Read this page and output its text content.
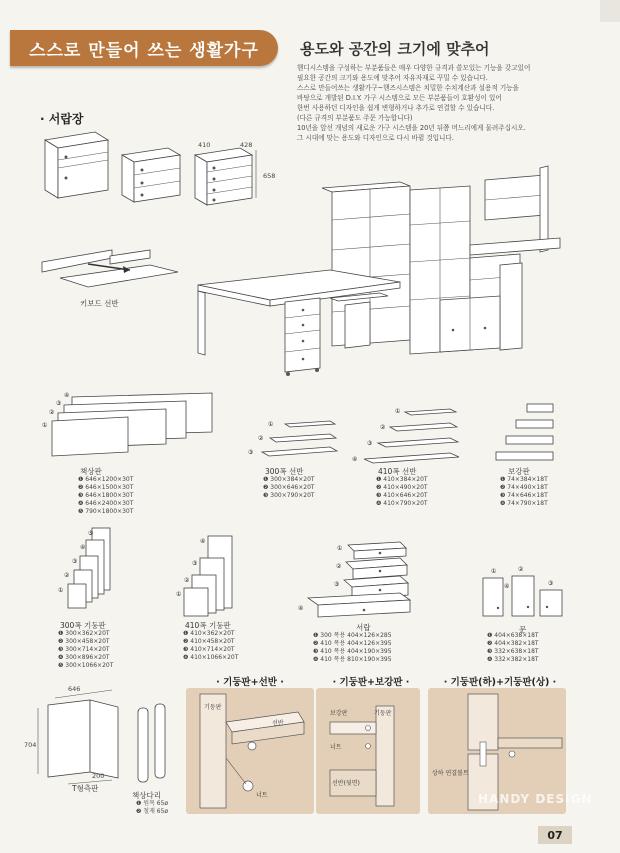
스스로 만들어 쓰는 생활가구	용도와 공간의 크기에 맞추어
핸디시스템을 구성하는 부분품들은 매우 다양한 규격과 쓸모있는 기능을 갖고있어
필요한 공간의 크기와 용도에 맞추어 자유자재로 꾸밀 수 있습니다.
스스로 만들어쓰는 생활가구~핸즈시스템은 치밀한 수치계산과 설용적 기능을
바탕으로 개발된 D.I.Y. 가구 시스템으로 모든 부분품들이 호환성이 있어
한번 사용하던 디자인을 쉽게 변형하거나 추가로 연결할 수 있습니다.
(다른 규격의 부분품도 주문 가능합니다)
10년을 앞선 개념의 새로운 가구 시스템을 20년 뒤쯤 머느리에게 물려주십시오.
그 시대에 맞는 용도와 디자인으로 다시 바뀔 것입니다.
· 서랍장
410	428
658
키보드 선반
④
③
②
①
책상판
❶ 646×1200×30T
❷ 646×1500×30T
❸ 646×1800×30T
❹ 646×2400×30T
❺ 790×1800×30T
①
②
③
300폭 선반
❶ 300×384×20T
❷ 300×646×20T
❸ 300×790×20T
①
②
③
④
410폭 선반
❶ 410×384×20T
❷ 410×490×20T
❸ 410×646×20T
❹ 410×790×20T
보강판
❶ 74×384×18T
❷ 74×490×18T
❸ 74×646×18T
❹ 74×790×18T
⑤
④
③
②
①
300폭 기둥판
❶ 300×362×20T
❷ 300×458×20T
❸ 300×714×20T
❹ 300×896×20T
❺ 300×1066×20T
④
③
②
①
410폭 기둥판
❶ 410×362×20T
❷ 410×458×20T
❸ 410×714×20T
❹ 410×1066×20T
①
②
③
④
서랍
❶ 300 폭용 404×126×285
❷ 410 폭용 404×126×395
❸ 410 폭용 404×190×395
❹ 410 폭용 810×190×395
①	②
③
④
문
❶ 404×638×18T
❷ 404×382×18T
❸ 332×638×18T
❹ 332×382×18T
646
704
200
T형측판
책상다리
❶ 원목 65ø
❷ 철재 65ø
· 기둥판+선반 ·
기둥판
선반
너트
· 기둥판+보강판 ·
보강판	기둥판
너트
선반(뒷면)
· 기둥판(하)+기둥판(상) ·
상하 연결볼트
HANDY DESIGN
07
